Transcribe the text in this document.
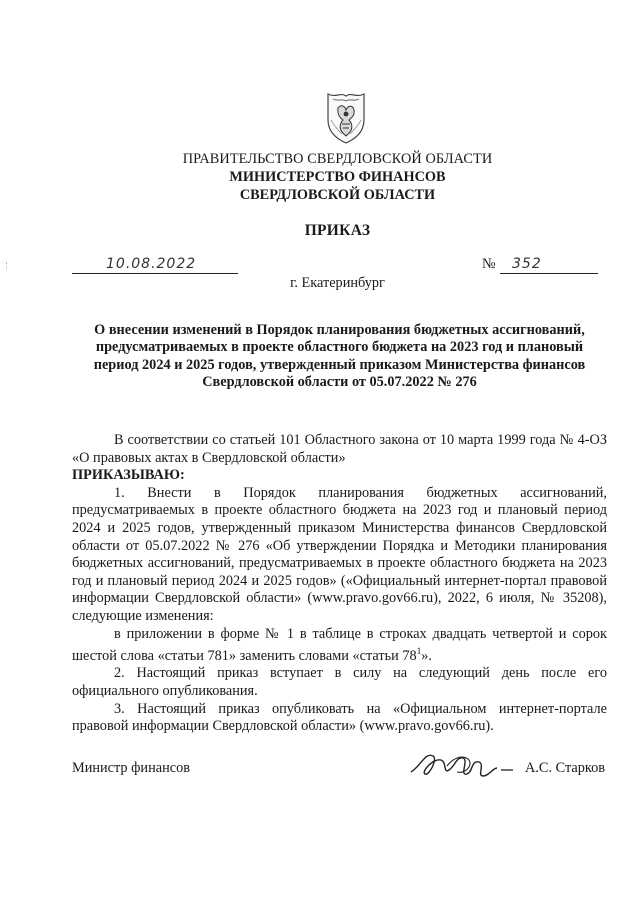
ПРАВИТЕЛЬСТВО СВЕРДЛОВСКОЙ ОБЛАСТИ
МИНИСТЕРСТВО ФИНАНСОВ
СВЕРДЛОВСКОЙ ОБЛАСТИ
ПРИКАЗ
10.08.2022	№ 352
г. Екатеринбург
О внесении изменений в Порядок планирования бюджетных ассигнований, предусматриваемых в проекте областного бюджета на 2023 год и плановый период 2024 и 2025 годов, утвержденный приказом Министерства финансов Свердловской области от 05.07.2022 № 276

В соответствии со статьей 101 Областного закона от 10 марта 1999 года № 4-ОЗ «О правовых актах в Свердловской области»

ПРИКАЗЫВАЮ:

1. Внести в Порядок планирования бюджетных ассигнований, предусматриваемых в проекте областного бюджета на 2023 год и плановый период 2024 и 2025 годов, утвержденный приказом Министерства финансов Свердловской области от 05.07.2022 № 276 «Об утверждении Порядка и Методики планирования бюджетных ассигнований, предусматриваемых в проекте областного бюджета на 2023 год и плановый период 2024 и 2025 годов» («Официальный интернет-портал правовой информации Свердловской области» (www.pravo.gov66.ru), 2022, 6 июля, № 35208), следующие изменения:

в приложении в форме № 1 в таблице в строках двадцать четвертой и сорок шестой слова «статьи 781» заменить словами «статьи $78^1$».

2. Настоящий приказ вступает в силу на следующий день после его официального опубликования.

3. Настоящий приказ опубликовать на «Официальном интернет-портале правовой информации Свердловской области» (www.pravo.gov66.ru).

Министр финансов	А.С. Старков
